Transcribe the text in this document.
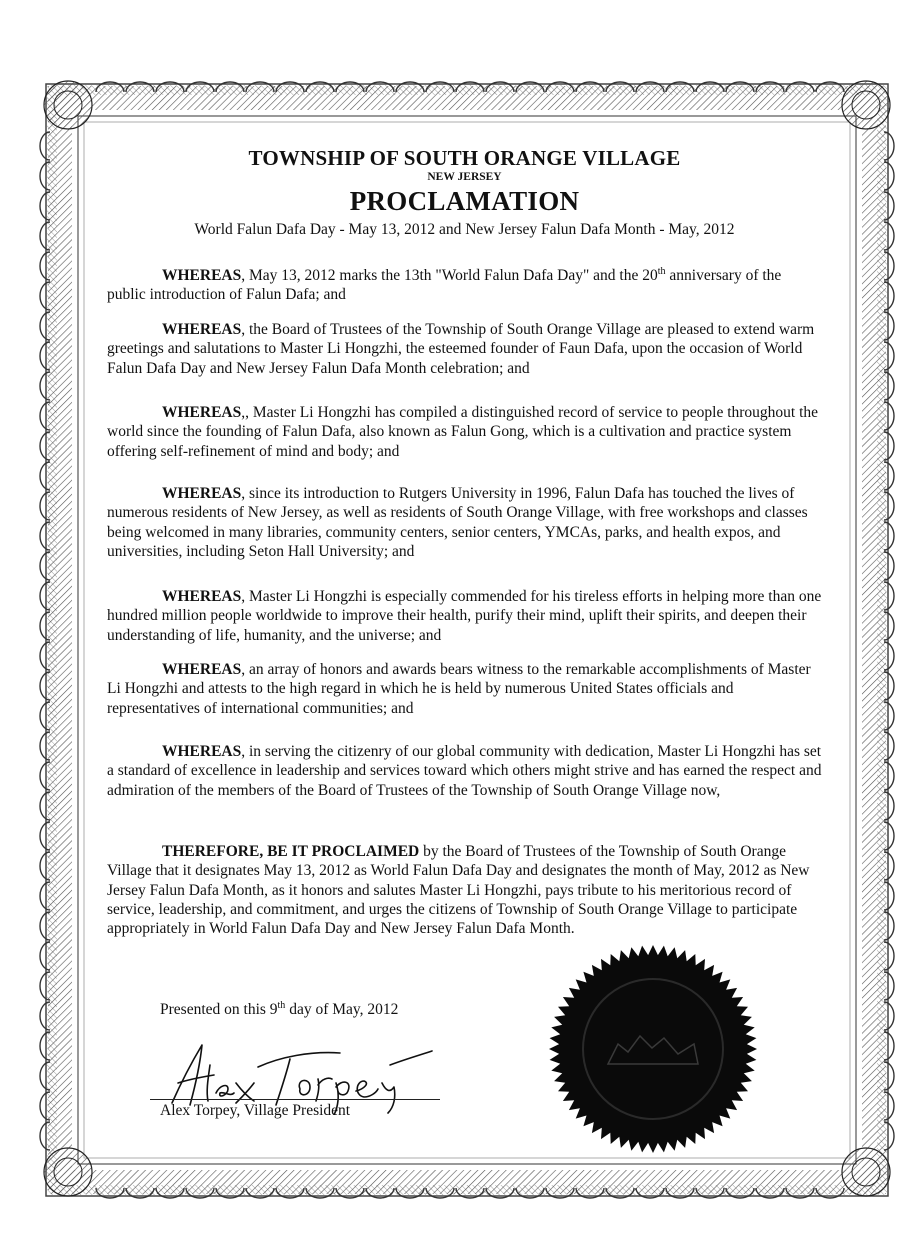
TOWNSHIP OF SOUTH ORANGE VILLAGE

NEW JERSEY

PROCLAMATION

World Falun Dafa Day - May 13, 2012 and New Jersey Falun Dafa Month - May, 2012

WHEREAS, May 13, 2012 marks the 13th "World Falun Dafa Day" and the 20th anniversary of the public introduction of Falun Dafa; and

WHEREAS, the Board of Trustees of the Township of South Orange Village are pleased to extend warm greetings and salutations to Master Li Hongzhi, the esteemed founder of Faun Dafa, upon the occasion of World Falun Dafa Day and New Jersey Falun Dafa Month celebration; and

WHEREAS,, Master Li Hongzhi has compiled a distinguished record of service to people throughout the world since the founding of Falun Dafa, also known as Falun Gong, which is a cultivation and practice system offering self-refinement of mind and body; and

WHEREAS, since its introduction to Rutgers University in 1996, Falun Dafa has touched the lives of numerous residents of New Jersey, as well as residents of South Orange Village, with free workshops and classes being welcomed in many libraries, community centers, senior centers, YMCAs, parks, and health expos, and universities, including Seton Hall University; and

WHEREAS, Master Li Hongzhi is especially commended for his tireless efforts in helping more than one hundred million people worldwide to improve their health, purify their mind, uplift their spirits, and deepen their understanding of life, humanity, and the universe; and

WHEREAS, an array of honors and awards bears witness to the remarkable accomplishments of Master Li Hongzhi and attests to the high regard in which he is held by numerous United States officials and representatives of international communities; and

WHEREAS, in serving the citizenry of our global community with dedication, Master Li Hongzhi has set a standard of excellence in leadership and services toward which others might strive and has earned the respect and admiration of the members of the Board of Trustees of the Township of South Orange Village now,

THEREFORE, BE IT PROCLAIMED by the Board of Trustees of the Township of South Orange Village that it designates May 13, 2012 as World Falun Dafa Day and designates the month of May, 2012 as New Jersey Falun Dafa Month, as it honors and salutes Master Li Hongzhi, pays tribute to his meritorious record of service, leadership, and commitment, and urges the citizens of Township of South Orange Village to participate appropriately in World Falun Dafa Day and New Jersey Falun Dafa Month.

Presented on this 9th day of May, 2012
Alex Torpey, Village President
